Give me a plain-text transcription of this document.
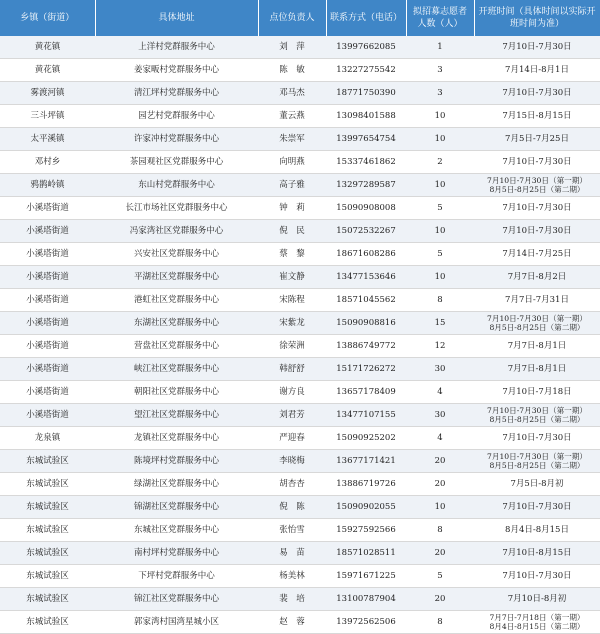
乡镇（街道）	具体地址	点位负责人	联系方式（电话）	拟招募志愿者人数（人）	开班时间（具体时间以实际开班时间为准）
黄花镇	上洋村党群服务中心	刘　萍	13997662085	1	7月10日-7月30日
黄花镇	姜家畈村党群服务中心	陈　敏	13227275542	3	7月14日-8月1日
雾渡河镇	清江坪村党群服务中心	邓马杰	18771750390	3	7月10日-7月30日
三斗坪镇	园艺村党群服务中心	董云燕	13098401588	10	7月15日-8月15日
太平溪镇	许家冲村党群服务中心	朱崇军	13997654754	10	7月5日-7月25日
邓村乡	茶园观社区党群服务中心	向明燕	15337461862	2	7月10日-7月30日
鸦鹊岭镇	东山村党群服务中心	高子雅	13297289587	10	7月10日-7月30日（第一期）
8月5日-8月25日（第二期）

小溪塔街道	长江市场社区党群服务中心	钟　莉	15090908008	5	7月10日-7月30日
小溪塔街道	冯家湾社区党群服务中心	倪　民	15072532267	10	7月10日-7月30日
小溪塔街道	兴安社区党群服务中心	蔡　黎	18671608286	5	7月14日-7月25日
小溪塔街道	平湖社区党群服务中心	崔文静	13477153646	10	7月7日-8月2日
小溪塔街道	港虹社区党群服务中心	宋陈程	18571045562	8	7月7日-7月31日
小溪塔街道	东湖社区党群服务中心	宋紫龙	15090908816	15	7月10日-7月30日（第一期）
8月5日-8月25日（第二期）

小溪塔街道	营盘社区党群服务中心	徐荣洲	13886749772	12	7月7日-8月1日
小溪塔街道	峡江社区党群服务中心	韩舒舒	15171726272	30	7月7日-8月1日
小溪塔街道	朝阳社区党群服务中心	谢方良	13657178409	4	7月10日-7月18日
小溪塔街道	望江社区党群服务中心	刘君芳	13477107155	30	7月10日-7月30日（第一期）
8月5日-8月25日（第二期）

龙泉镇	龙镇社区党群服务中心	严迎春	15090925202	4	7月10日-7月30日
东城试验区	陈境坪村党群服务中心	李晓梅	13677171421	20	7月10日-7月30日（第一期）
8月5日-8月25日（第二期）

东城试验区	绿湖社区党群服务中心	胡杏杏	13886719726	20	7月5日-8月初
东城试验区	锦湖社区党群服务中心	倪　陈	15090902055	10	7月10日-7月30日
东城试验区	东城社区党群服务中心	张怡雪	15927592566	8	8月4日-8月15日
东城试验区	南村坪村党群服务中心	易　苗	18571028511	20	7月10日-8月15日
东城试验区	下坪村党群服务中心	杨美林	15971671225	5	7月10日-7月30日
东城试验区	锦江社区党群服务中心	裴　培	13100787904	20	7月10日-8月初
东城试验区	郭家湾村国湾星城小区	赵　蓉	13972562506	8	7月7日-7月18日（第一期）
8月4日-8月15日（第二期）
